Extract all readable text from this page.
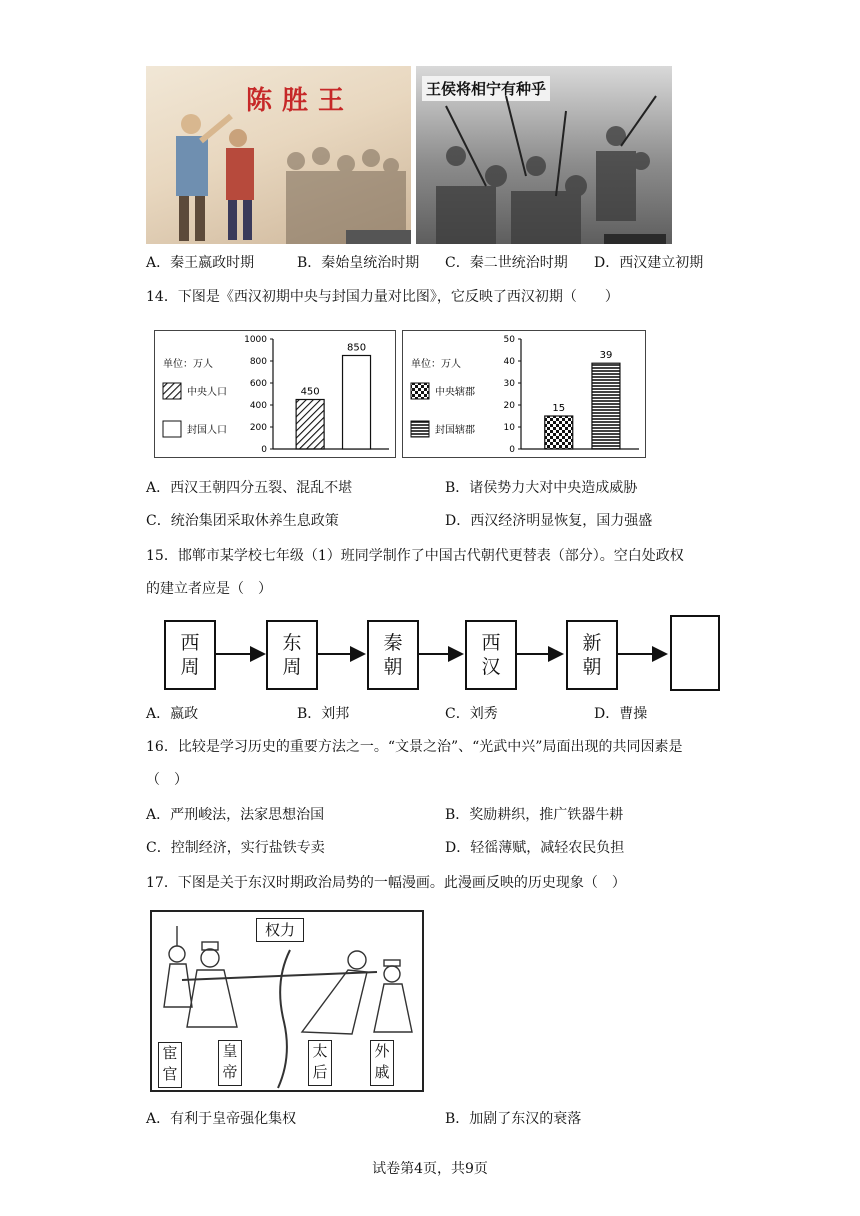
陈胜王	王侯将相宁有种乎
A．秦王嬴政时期	B．秦始皇统治时期 C．秦二世统治时期 D．西汉建立初期
14．下图是《西汉初期中央与封国力量对比图》，它反映了西汉初期（　　）
单位：万人
中央人口
封国人口
1000
800
600
400
200
0
450
850
单位：万人
中央辖郡
封国辖郡
50
40
30
20
10
0
15
39
A．西汉王朝四分五裂、混乱不堪	B．诸侯势力大对中央造成威胁
C．统治集团采取休养生息政策	D．西汉经济明显恢复，国力强盛
15．邯郸市某学校七年级（1）班同学制作了中国古代朝代更替表（部分）。空白处政权
的建立者应是（　）
西
周
东
周
秦
朝
西
汉
新
朝
A．嬴政	B．刘邦	C．刘秀	D．曹操
16．比较是学习历史的重要方法之一。“文景之治”、“光武中兴”局面出现的共同因素是
（　）
A．严刑峻法，法家思想治国	B．奖励耕织，推广铁器牛耕
C．控制经济，实行盐铁专卖	D．轻徭薄赋，减轻农民负担
17．下图是关于东汉时期政治局势的一幅漫画。此漫画反映的历史现象（　）
权力
宦
官
皇
帝
太
后
外
戚
A．有利于皇帝强化集权	B．加剧了东汉的衰落
试卷第4页，共9页
